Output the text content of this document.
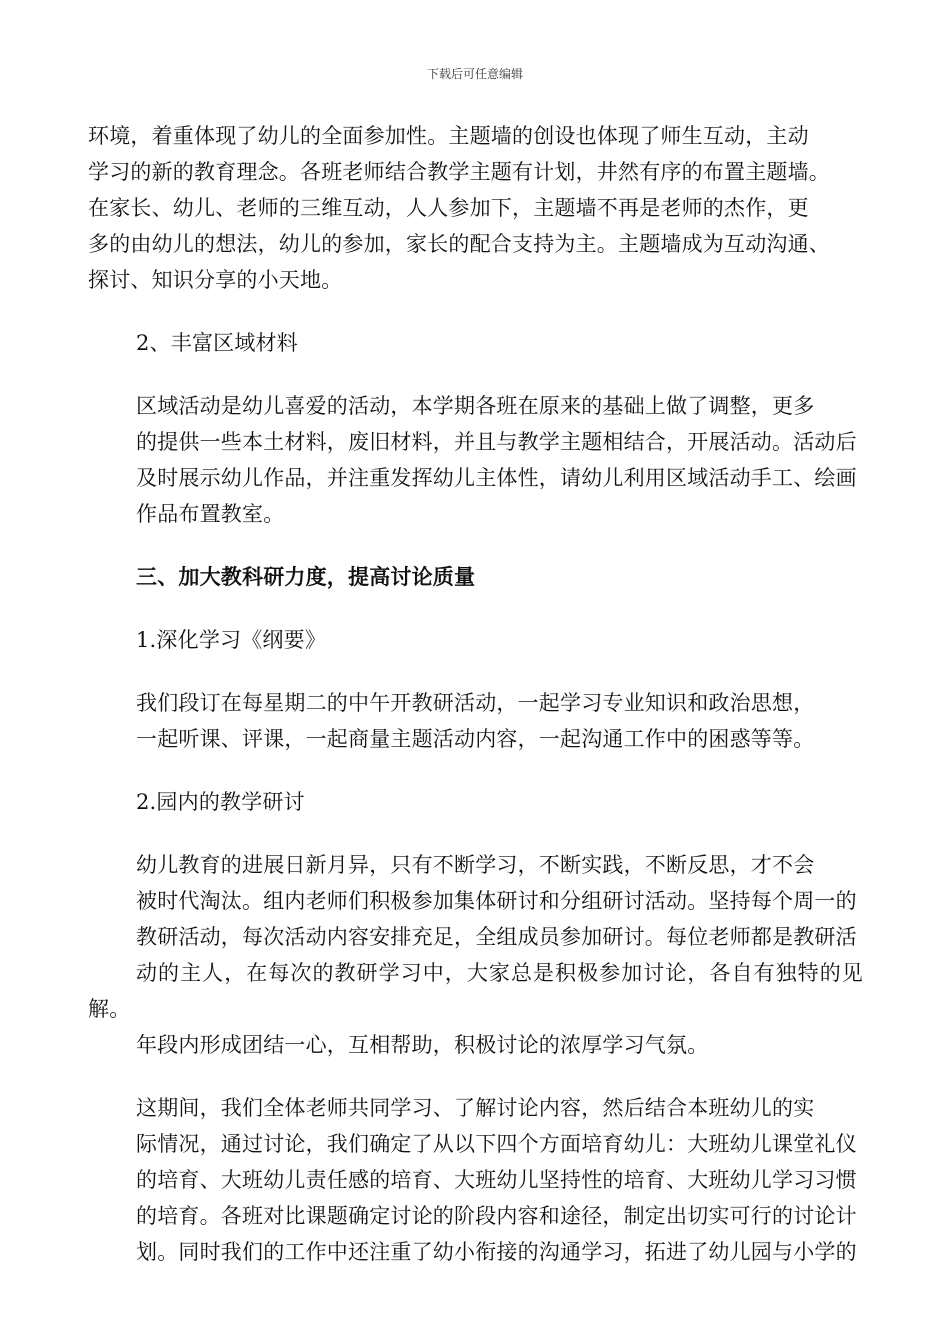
下载后可任意编辑

环境，着重体现了幼儿的全面参加性。主题墙的创设也体现了师生互动，主动
学习的新的教育理念。各班老师结合教学主题有计划，井然有序的布置主题墙。
在家长、幼儿、老师的三维互动，人人参加下，主题墙不再是老师的杰作，更
多的由幼儿的想法，幼儿的参加，家长的配合支持为主。主题墙成为互动沟通、
探讨、知识分享的小天地。

2、丰富区域材料

区域活动是幼儿喜爱的活动，本学期各班在原来的基础上做了调整，更多
的提供一些本土材料，废旧材料，并且与教学主题相结合，开展活动。活动后
及时展示幼儿作品，并注重发挥幼儿主体性，请幼儿利用区域活动手工、绘画
作品布置教室。

三、加大教科研力度，提高讨论质量

1.深化学习《纲要》

我们段订在每星期二的中午开教研活动，一起学习专业知识和政治思想，
一起听课、评课，一起商量主题活动内容，一起沟通工作中的困惑等等。

2.园内的教学研讨

幼儿教育的进展日新月异，只有不断学习，不断实践，不断反思，才不会
被时代淘汰。组内老师们积极参加集体研讨和分组研讨活动。坚持每个周一的
教研活动，每次活动内容安排充足，全组成员参加研讨。每位老师都是教研活
动的主人，在每次的教研学习中，大家总是积极参加讨论，各自有独特的见解。
年段内形成团结一心，互相帮助，积极讨论的浓厚学习气氛。

这期间，我们全体老师共同学习、了解讨论内容，然后结合本班幼儿的实
际情况，通过讨论，我们确定了从以下四个方面培育幼儿：大班幼儿课堂礼仪
的培育、大班幼儿责任感的培育、大班幼儿坚持性的培育、大班幼儿学习习惯
的培育。各班对比课题确定讨论的阶段内容和途径，制定出切实可行的讨论计
划。同时我们的工作中还注重了幼小衔接的沟通学习，拓进了幼儿园与小学的
